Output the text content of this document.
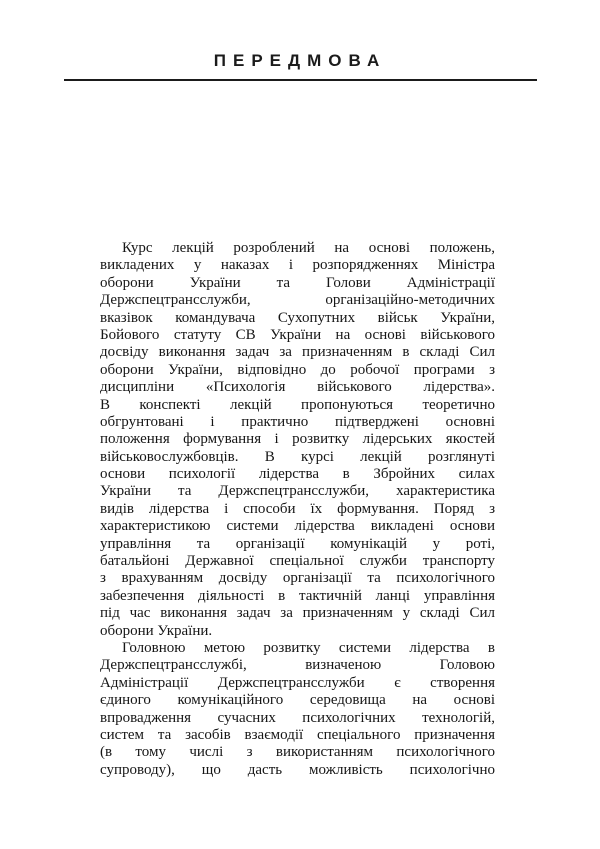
ПЕРЕДМОВА
Курс лекцій розроблений на основі положень,
викладених у наказах і розпорядженнях Міністра
оборони України та Голови Адміністрації
Держспецтрансслужби, організаційно-методичних
вказівок командувача Сухопутних військ України,
Бойового статуту СВ України на основі військового
досвіду виконання задач за призначенням в складі Сил
оборони України, відповідно до робочої програми з
дисципліни «Психологія військового лідерства».
В конспекті лекцій пропонуються теоретично
обгрунтовані і практично підтверджені основні
положення формування і розвитку лідерських якостей
військовослужбовців. В курсі лекцій розглянуті
основи психології лідерства в Збройних силах
України та Держспецтрансслужби, характеристика
видів лідерства і способи їх формування. Поряд з
характеристикою системи лідерства викладені основи
управління та організації комунікацій у роті,
батальйоні Державної спеціальної служби транспорту
з врахуванням досвіду організації та психологічного
забезпечення діяльності в тактичній ланці управління
під час виконання задач за призначенням у складі Сил
оборони України.
Головною метою розвитку системи лідерства в
Держспецтрансслужбі, визначеною Головою
Адміністрації Держспецтрансслужби є створення
єдиного комунікаційного середовища на основі
впровадження сучасних психологічних технологій,
систем та засобів взаємодії спеціального призначення
(в тому числі з використанням психологічного
супроводу), що дасть можливість психологічно
